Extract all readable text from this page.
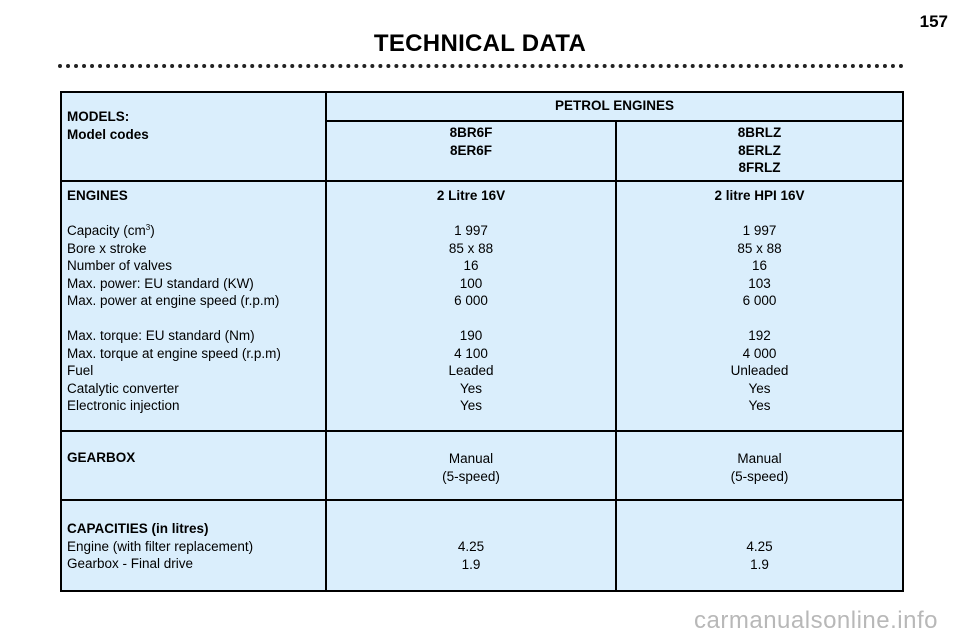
157
TECHNICAL DATA
MODELS:
Model codes
PETROL ENGINES
8BR6F
8ER6F
8BRLZ
8ERLZ
8FRLZ
ENGINES
Capacity $(cm^3)$
Bore x stroke
Number of valves
Max. power: EU standard (KW)
Max. power at engine speed (r.p.m)
Max. torque: EU standard (Nm)
Max. torque at engine speed (r.p.m)
Fuel
Catalytic converter
Electronic injection
2 Litre 16V
1 997
85 x 88
16
100
6 000
190
4 100
Leaded
Yes
Yes
2 litre HPI 16V
1 997
85 x 88
16
103
6 000
192
4 000
Unleaded
Yes
Yes
GEARBOX	Manual
(5-speed)
Manual
(5-speed)
CAPACITIES (in litres)
Engine (with filter replacement)
Gearbox - Final drive
4.25
1.9
4.25
1.9
carmanualsonline.info
